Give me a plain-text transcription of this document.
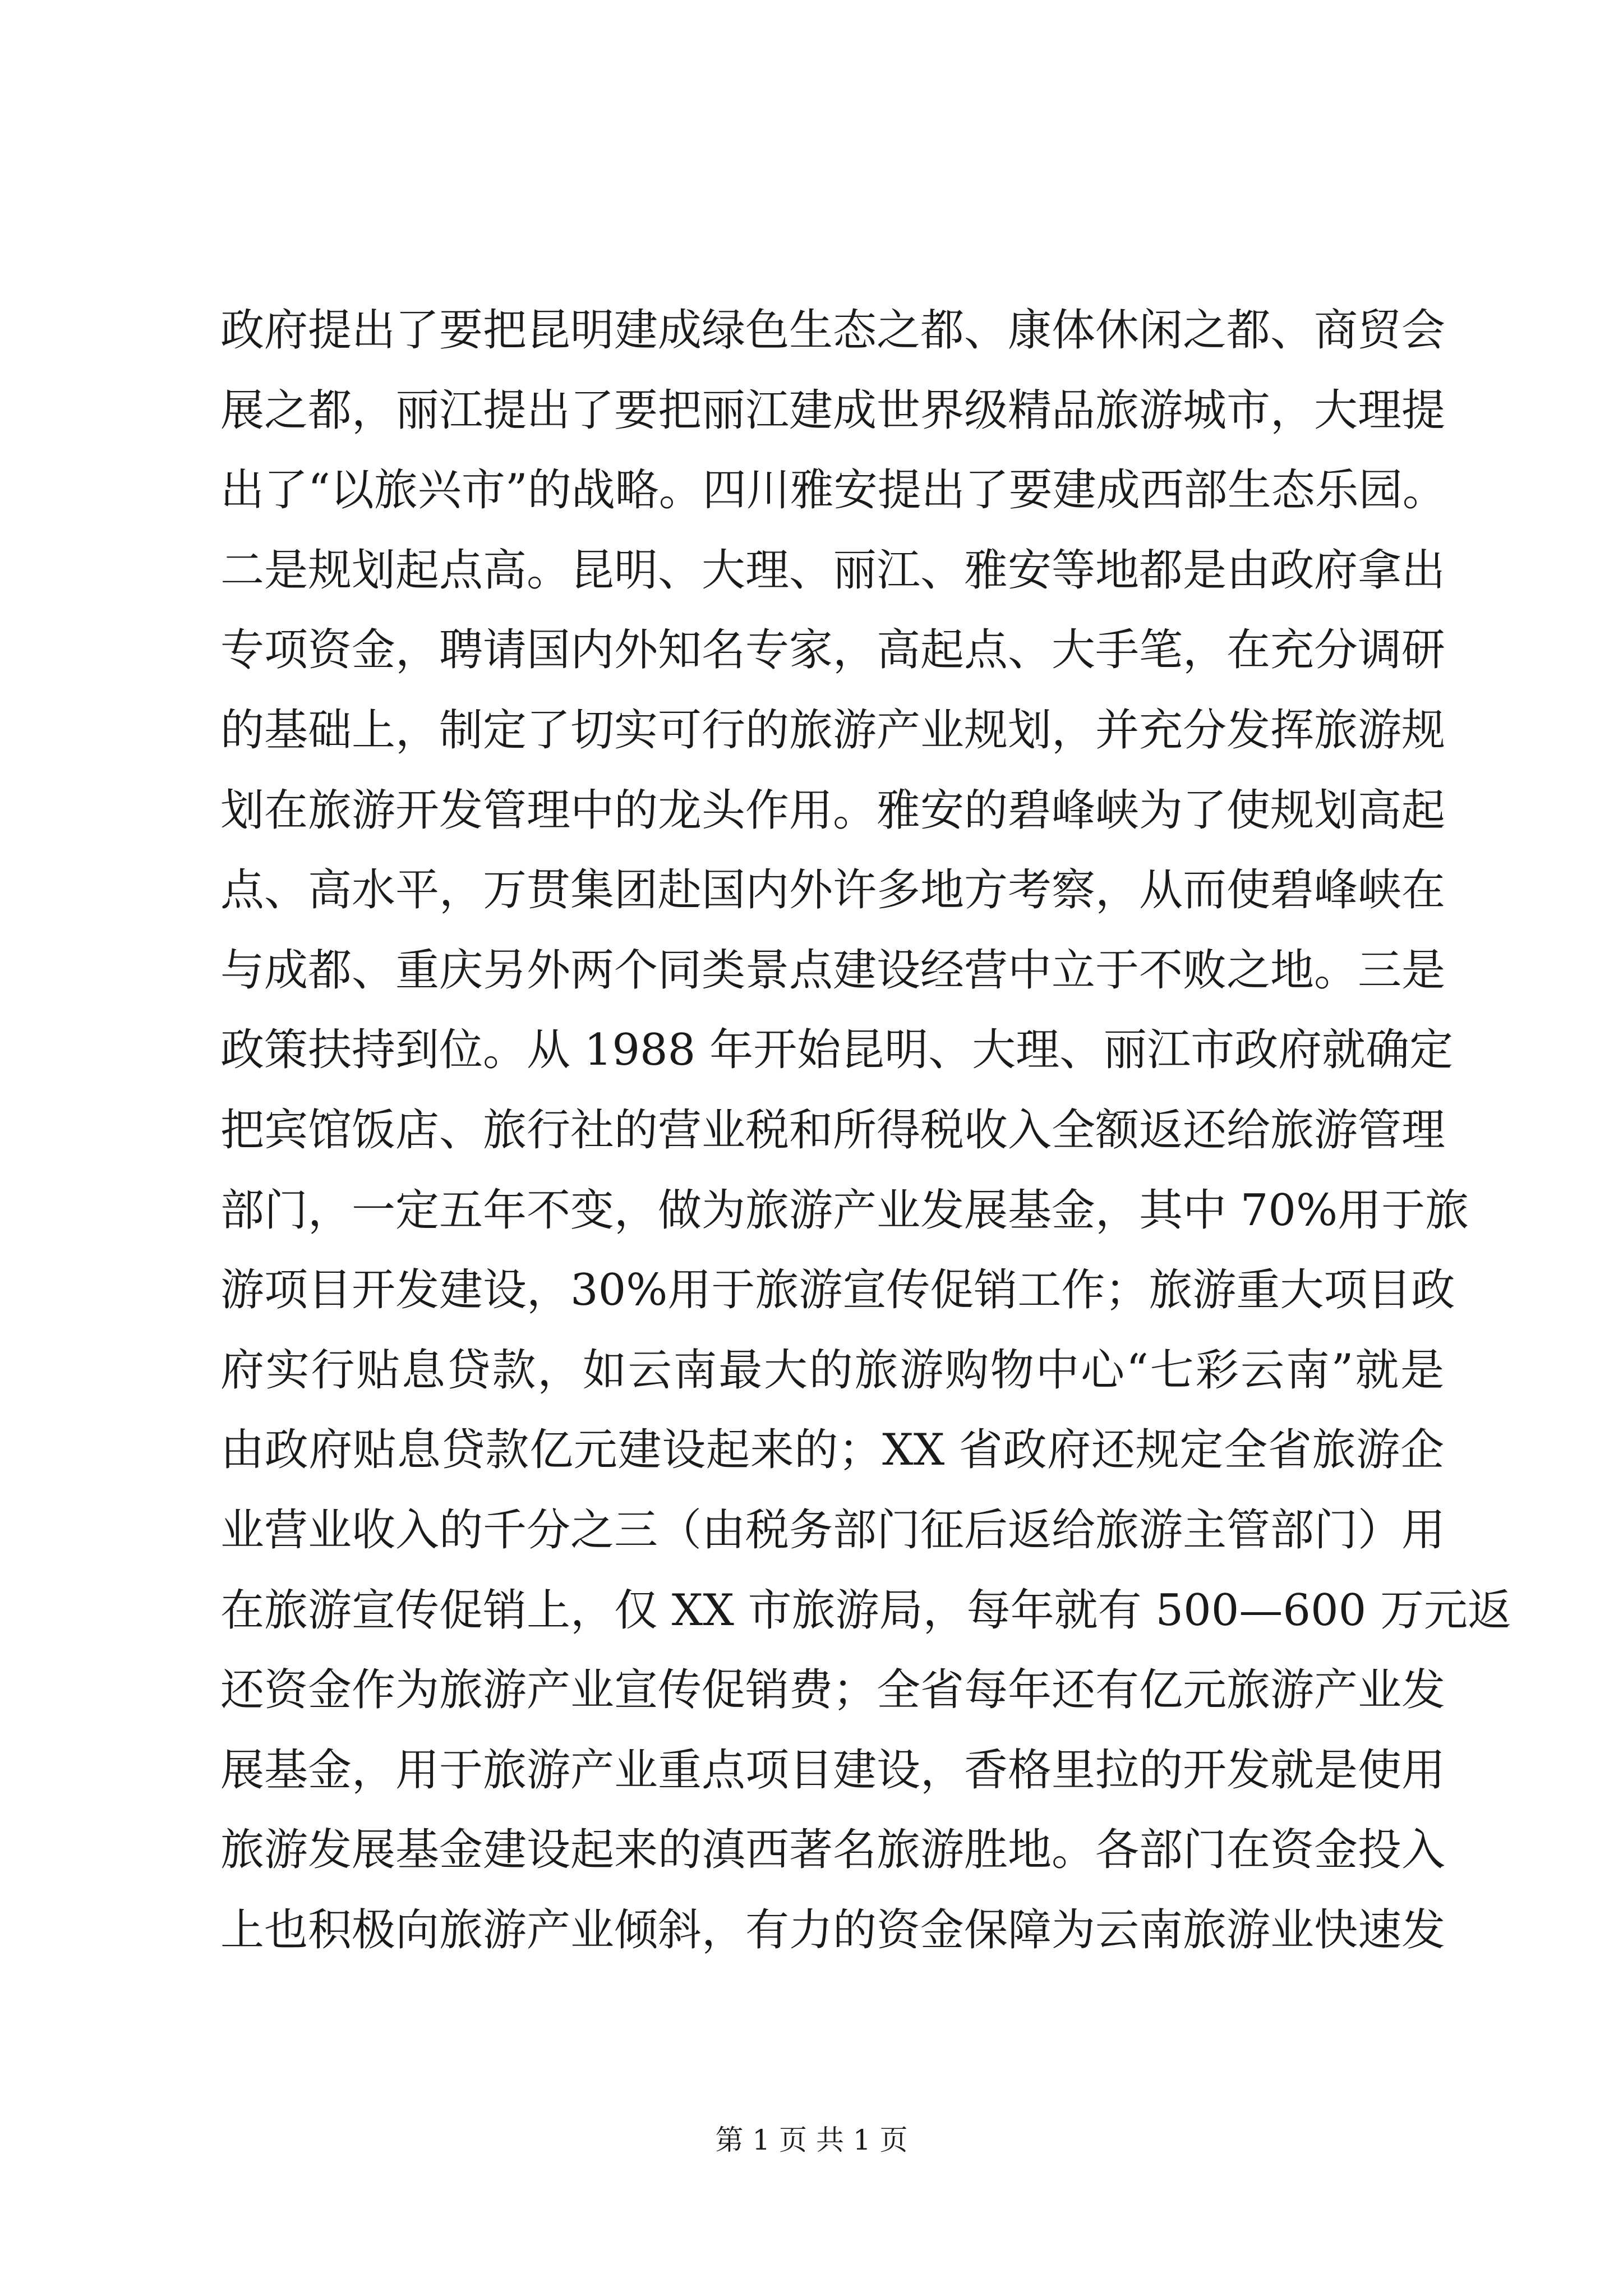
政府提出了要把昆明建成绿色生态之都、康体休闲之都、商贸会
展之都，丽江提出了要把丽江建成世界级精品旅游城市，大理提
出了“以旅兴市”的战略。四川雅安提出了要建成西部生态乐园。
二是规划起点高。昆明、大理、丽江、雅安等地都是由政府拿出
专项资金，聘请国内外知名专家，高起点、大手笔，在充分调研
的基础上，制定了切实可行的旅游产业规划，并充分发挥旅游规
划在旅游开发管理中的龙头作用。雅安的碧峰峡为了使规划高起
点、高水平，万贯集团赴国内外许多地方考察，从而使碧峰峡在
与成都、重庆另外两个同类景点建设经营中立于不败之地。三是
政策扶持到位。从 1988 年开始昆明、大理、丽江市政府就确定
把宾馆饭店、旅行社的营业税和所得税收入全额返还给旅游管理
部门，一定五年不变，做为旅游产业发展基金，其中 70%用于旅
游项目开发建设，30%用于旅游宣传促销工作；旅游重大项目政
府实行贴息贷款，如云南最大的旅游购物中心“七彩云南”就是
由政府贴息贷款亿元建设起来的；XX 省政府还规定全省旅游企
业营业收入的千分之三（由税务部门征后返给旅游主管部门）用
在旅游宣传促销上，仅 XX 市旅游局，每年就有 500—600 万元返
还资金作为旅游产业宣传促销费；全省每年还有亿元旅游产业发
展基金，用于旅游产业重点项目建设，香格里拉的开发就是使用
旅游发展基金建设起来的滇西著名旅游胜地。各部门在资金投入
上也积极向旅游产业倾斜，有力的资金保障为云南旅游业快速发
第 1 页 共 1 页
